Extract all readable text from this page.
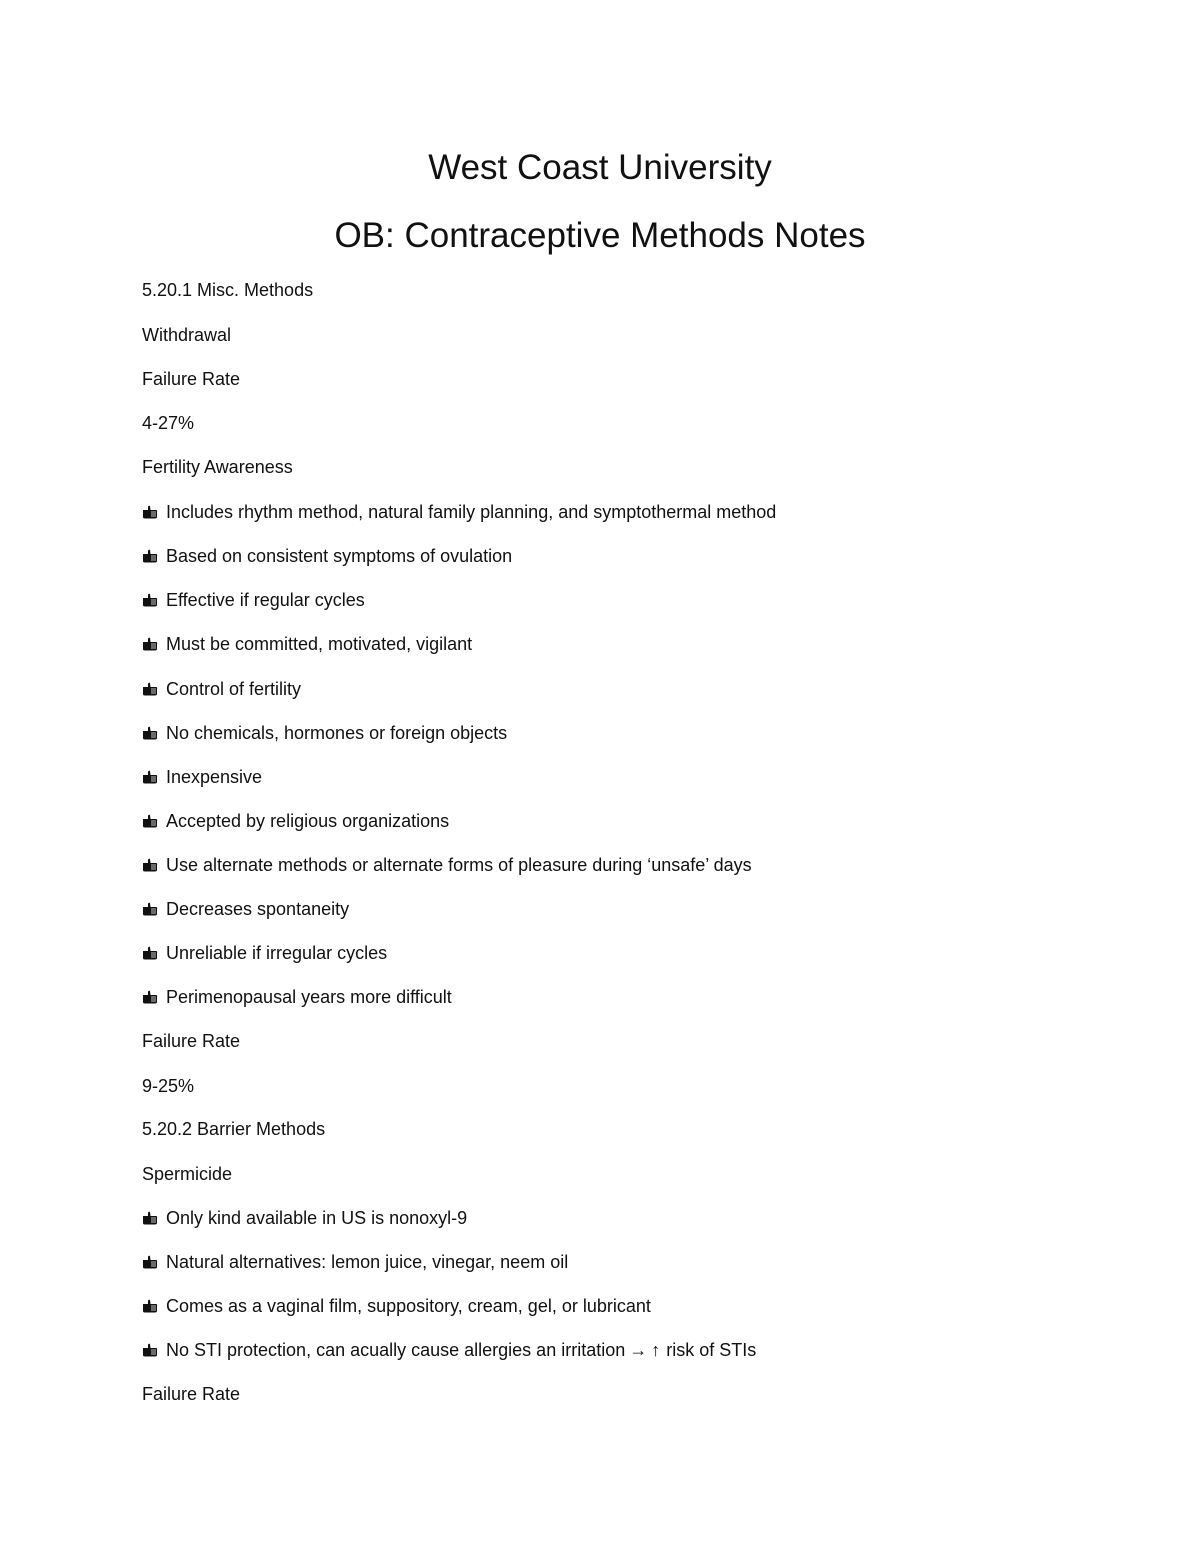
West Coast University
OB: Contraceptive Methods Notes
5.20.1 Misc. Methods
Withdrawal
Failure Rate
4-27%
Fertility Awareness
Includes rhythm method, natural family planning, and symptothermal method
Based on consistent symptoms of ovulation
Effective if regular cycles
Must be committed, motivated, vigilant
Control of fertility
No chemicals, hormones or foreign objects
Inexpensive
Accepted by religious organizations
Use alternate methods or alternate forms of pleasure during ‘unsafe’ days
Decreases spontaneity
Unreliable if irregular cycles
Perimenopausal years more difficult
Failure Rate
9-25%
5.20.2 Barrier Methods
Spermicide
Only kind available in US is nonoxyl-9
Natural alternatives: lemon juice, vinegar, neem oil
Comes as a vaginal film, suppository, cream, gel, or lubricant
No STI protection, can acually cause allergies an irritation → ↑ risk of STIs
Failure Rate
